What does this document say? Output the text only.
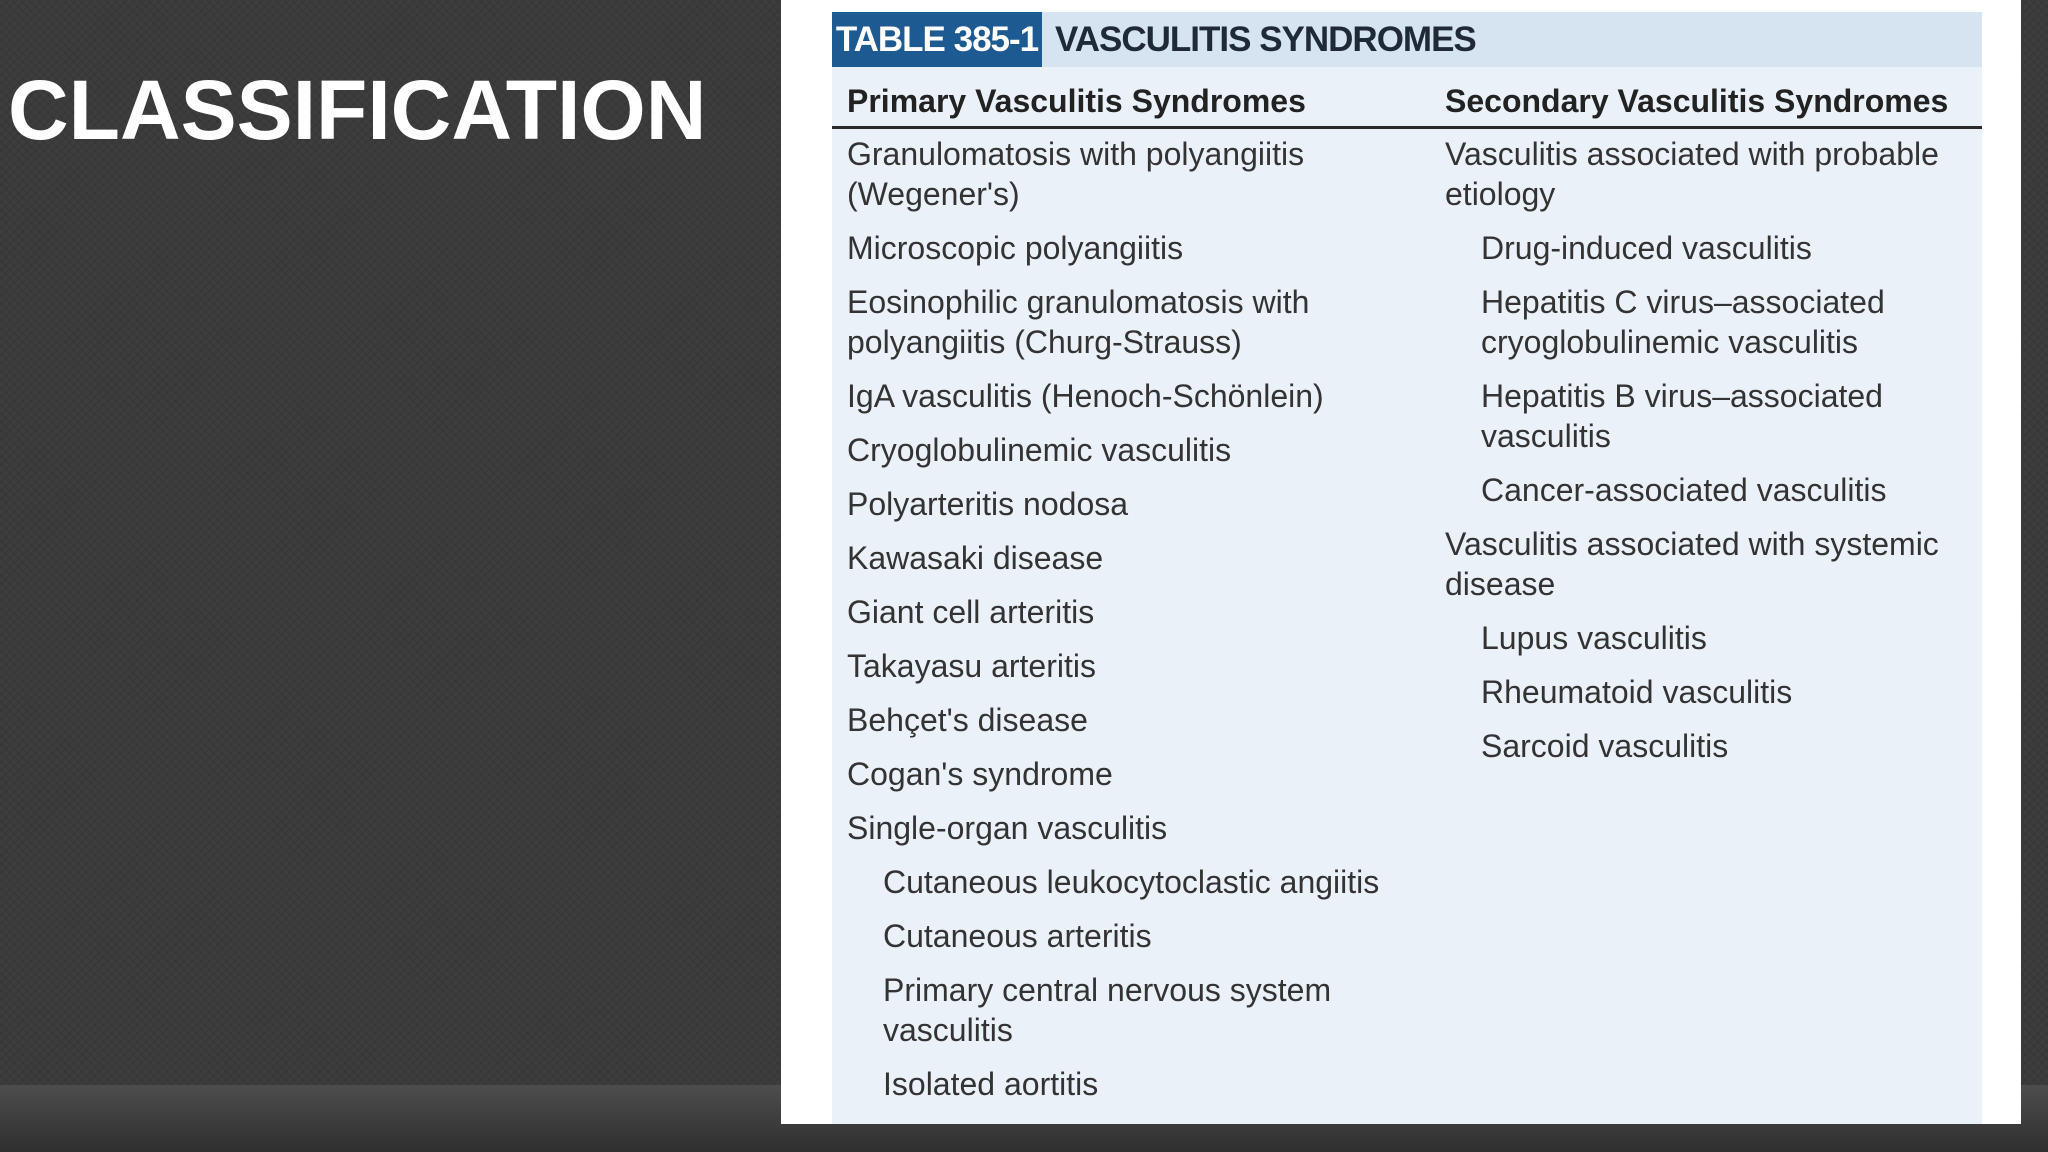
CLASSIFICATION
TABLE 385-1 VASCULITIS SYNDROMES
Primary Vasculitis Syndromes	Secondary Vasculitis Syndromes
Granulomatosis with polyangiitis (Wegener's)
Microscopic polyangiitis
Eosinophilic granulomatosis with polyangiitis (Churg-Strauss)
IgA vasculitis (Henoch-Schönlein)
Cryoglobulinemic vasculitis
Polyarteritis nodosa
Kawasaki disease
Giant cell arteritis
Takayasu arteritis
Behçet's disease
Cogan's syndrome
Single-organ vasculitis
Cutaneous leukocytoclastic angiitis
Cutaneous arteritis
Primary central nervous system vasculitis
Isolated aortitis
Vasculitis associated with probable etiology
Drug-induced vasculitis
Hepatitis C virus–associated cryoglobulinemic vasculitis
Hepatitis B virus–associated vasculitis
Cancer-associated vasculitis
Vasculitis associated with systemic disease
Lupus vasculitis
Rheumatoid vasculitis
Sarcoid vasculitis
